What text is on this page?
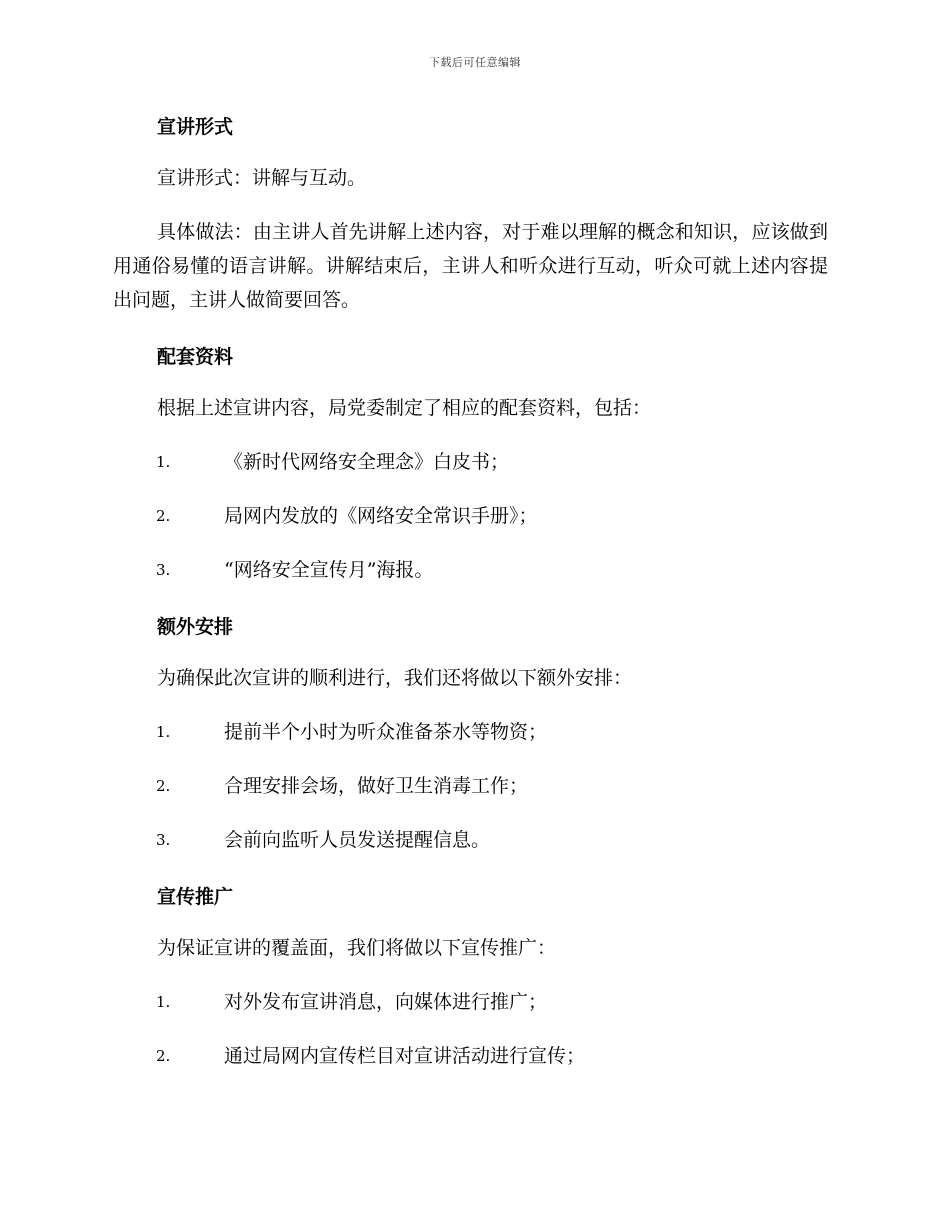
下载后可任意编辑
宣讲形式
宣讲形式：讲解与互动。
具体做法：由主讲人首先讲解上述内容，对于难以理解的概念和知识，应该做到用通俗易懂的语言讲解。讲解结束后，主讲人和听众进行互动，听众可就上述内容提出问题，主讲人做简要回答。
配套资料
根据上述宣讲内容，局党委制定了相应的配套资料，包括：
1.	《新时代网络安全理念》白皮书；
2.	局网内发放的《网络安全常识手册》；
3.	“网络安全宣传月”海报。
额外安排
为确保此次宣讲的顺利进行，我们还将做以下额外安排：
1.	提前半个小时为听众准备茶水等物资；
2.	合理安排会场，做好卫生消毒工作；
3.	会前向监听人员发送提醒信息。
宣传推广
为保证宣讲的覆盖面，我们将做以下宣传推广：
1.	对外发布宣讲消息，向媒体进行推广；
2.	通过局网内宣传栏目对宣讲活动进行宣传；
